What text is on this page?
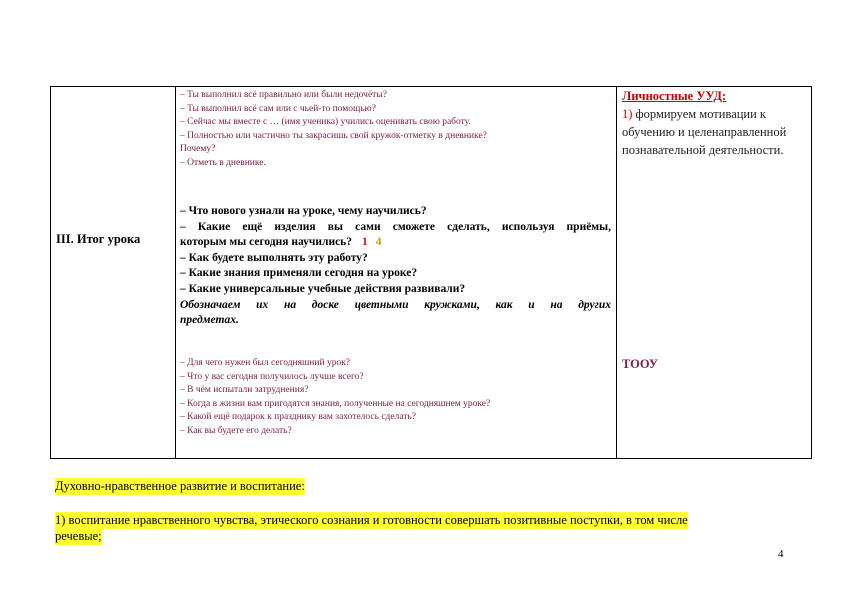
III. Итог урока
– Ты выполнил всё правильно или были недочёты?
– Ты выполнил всё сам или с чьей-то помощью?
– Сейчас мы вместе с … (имя ученика) учились оценивать свою работу.
– Полностью или частично ты закрасишь свой кружок-отметку в дневнике?
Почему?
– Отметь в дневнике.
– Что нового узнали на уроке, чему научились?
– Какие ещё изделия вы сами сможете сделать, используя приёмы,
которым мы сегодня научились? 1 4
– Как будете выполнять эту работу?
– Какие знания применяли сегодня на уроке?
– Какие универсальные учебные действия развивали?
Обозначаем их на доске цветными кружками, как и на других
предметах.
– Для чего нужен был сегодняшний урок?
– Что у вас сегодня получилось лучше всего?
– В чём испытали затруднения?
– Когда в жизни вам пригодятся знания, полученные на сегодняшнем уроке?
– Какой ещё подарок к празднику вам захотелось сделать?
– Как вы будете его делать?
Личностные УУД:
1) формируем мотивации к обучению и целенаправленной познавательной деятельности.
ТООУ
Духовно-нравственное развитие и воспитание:
1) воспитание нравственного чувства, этического сознания и готовности совершать позитивные поступки, в том числе
речевые;
4
